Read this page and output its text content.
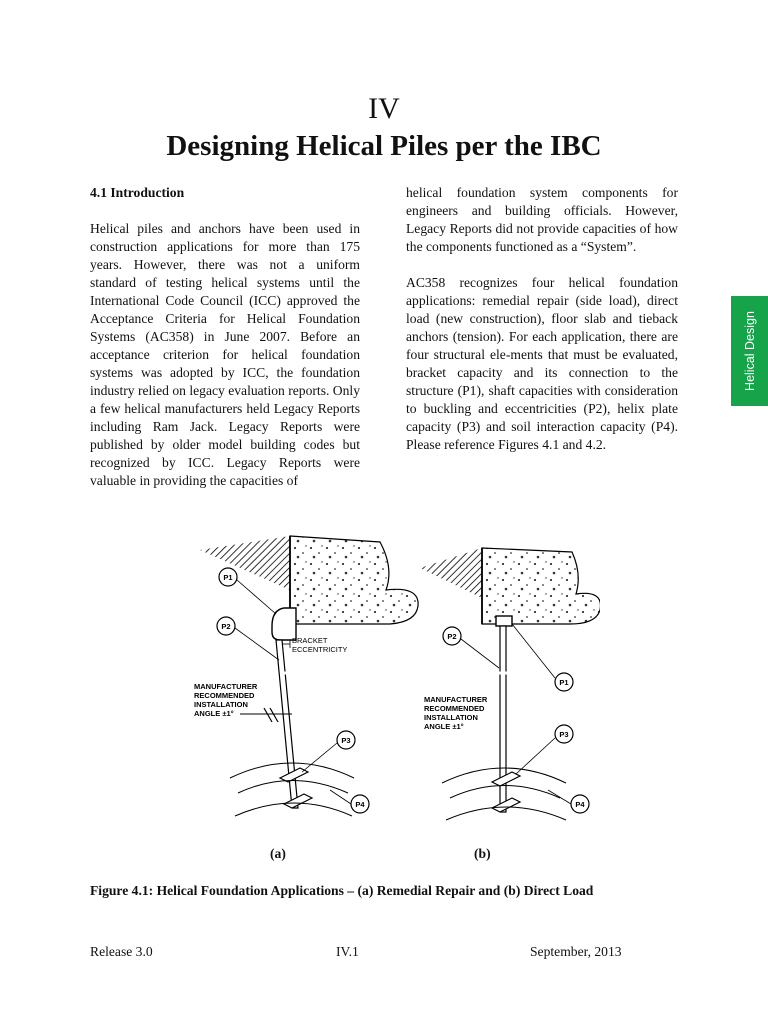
IV
Designing Helical Piles per the IBC
4.1 Introduction

Helical piles and anchors have been used in construction applications for more than 175 years. However, there was not a uniform standard of testing helical systems until the International Code Council (ICC) approved the Acceptance Criteria for Helical Foundation Systems (AC358) in June 2007. Before an acceptance criterion for helical foundation systems was adopted by ICC, the foundation industry relied on legacy evaluation reports. Only a few helical manufacturers held Legacy Reports including Ram Jack. Legacy Reports were published by older model building codes but recognized by ICC. Legacy Reports were valuable in providing the capacities of

helical foundation system components for engineers and building officials. However, Legacy Reports did not provide capacities of how the components functioned as a “System”.

AC358 recognizes four helical foundation applications: remedial repair (side load), direct load (new construction), floor slab and tieback anchors (tension). For each application, there are four structural ele-ments that must be evaluated, bracket capacity and its connection to the structure (P1), shaft capacities with consideration to buckling and eccentricities (P2), helix plate capacity (P3) and soil interaction capacity (P4). Please reference Figures 4.1 and 4.2.

Helical Design
BRACKET
ECCENTRICITY
MANUFACTURER
RECOMMENDED
INSTALLATION
ANGLE ±1°
P1
P2
P3
P4
MANUFACTURER
RECOMMENDED
INSTALLATION
ANGLE ±1°
P2
P1
P3
P4
(a)	(b)
Figure 4.1: Helical Foundation Applications – (a) Remedial Repair and (b) Direct Load
Release 3.0	IV.1	September, 2013
